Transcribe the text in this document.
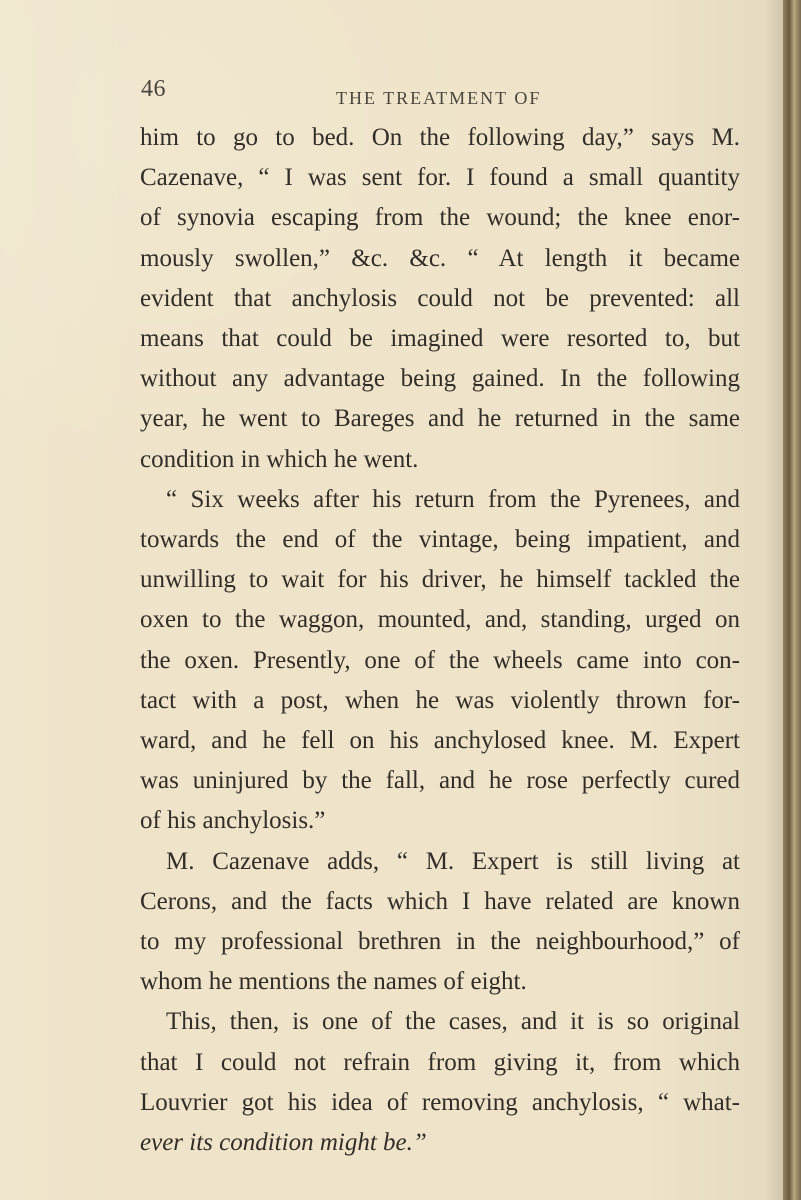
46	THE TREATMENT OF
him to go to bed. On the following day,” says M.
Cazenave, “ I was sent for. I found a small quantity
of synovia escaping from the wound; the knee enor-
mously swollen,” &c. &c. “ At length it became
evident that anchylosis could not be prevented: all
means that could be imagined were resorted to, but
without any advantage being gained. In the following
year, he went to Bareges and he returned in the same
condition in which he went.
“ Six weeks after his return from the Pyrenees, and
towards the end of the vintage, being impatient, and
unwilling to wait for his driver, he himself tackled the
oxen to the waggon, mounted, and, standing, urged on
the oxen. Presently, one of the wheels came into con-
tact with a post, when he was violently thrown for-
ward, and he fell on his anchylosed knee. M. Expert
was uninjured by the fall, and he rose perfectly cured
of his anchylosis.”
M. Cazenave adds, “ M. Expert is still living at
Cerons, and the facts which I have related are known
to my professional brethren in the neighbourhood,” of
whom he mentions the names of eight.
This, then, is one of the cases, and it is so original
that I could not refrain from giving it, from which
Louvrier got his idea of removing anchylosis, “ what-
ever its condition might be.”
